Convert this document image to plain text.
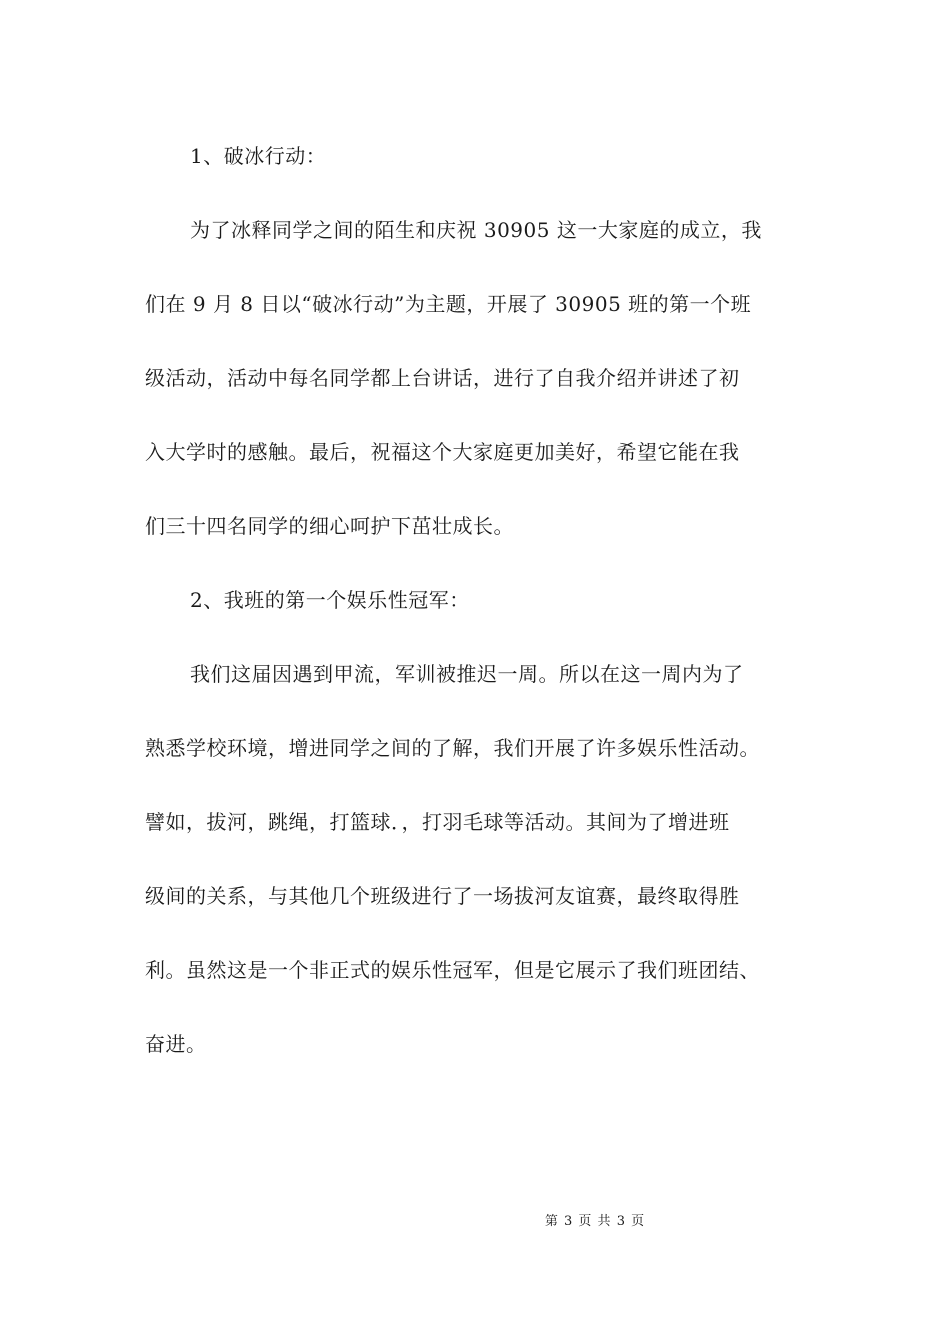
1、破冰行动：
为了冰释同学之间的陌生和庆祝 30905 这一大家庭的成立，我
们在 9 月 8 日以“破冰行动”为主题，开展了 30905 班的第一个班
级活动，活动中每名同学都上台讲话，进行了自我介绍并讲述了初
入大学时的感触。最后，祝福这个大家庭更加美好，希望它能在我
们三十四名同学的细心呵护下茁壮成长。
2、我班的第一个娱乐性冠军：
我们这届因遇到甲流，军训被推迟一周。所以在这一周内为了
熟悉学校环境，增进同学之间的了解，我们开展了许多娱乐性活动。
譬如，拔河，跳绳，打篮球．，打羽毛球等活动。其间为了增进班
级间的关系，与其他几个班级进行了一场拔河友谊赛，最终取得胜
利。虽然这是一个非正式的娱乐性冠军，但是它展示了我们班团结、
奋进。
第 3 页 共 3 页
